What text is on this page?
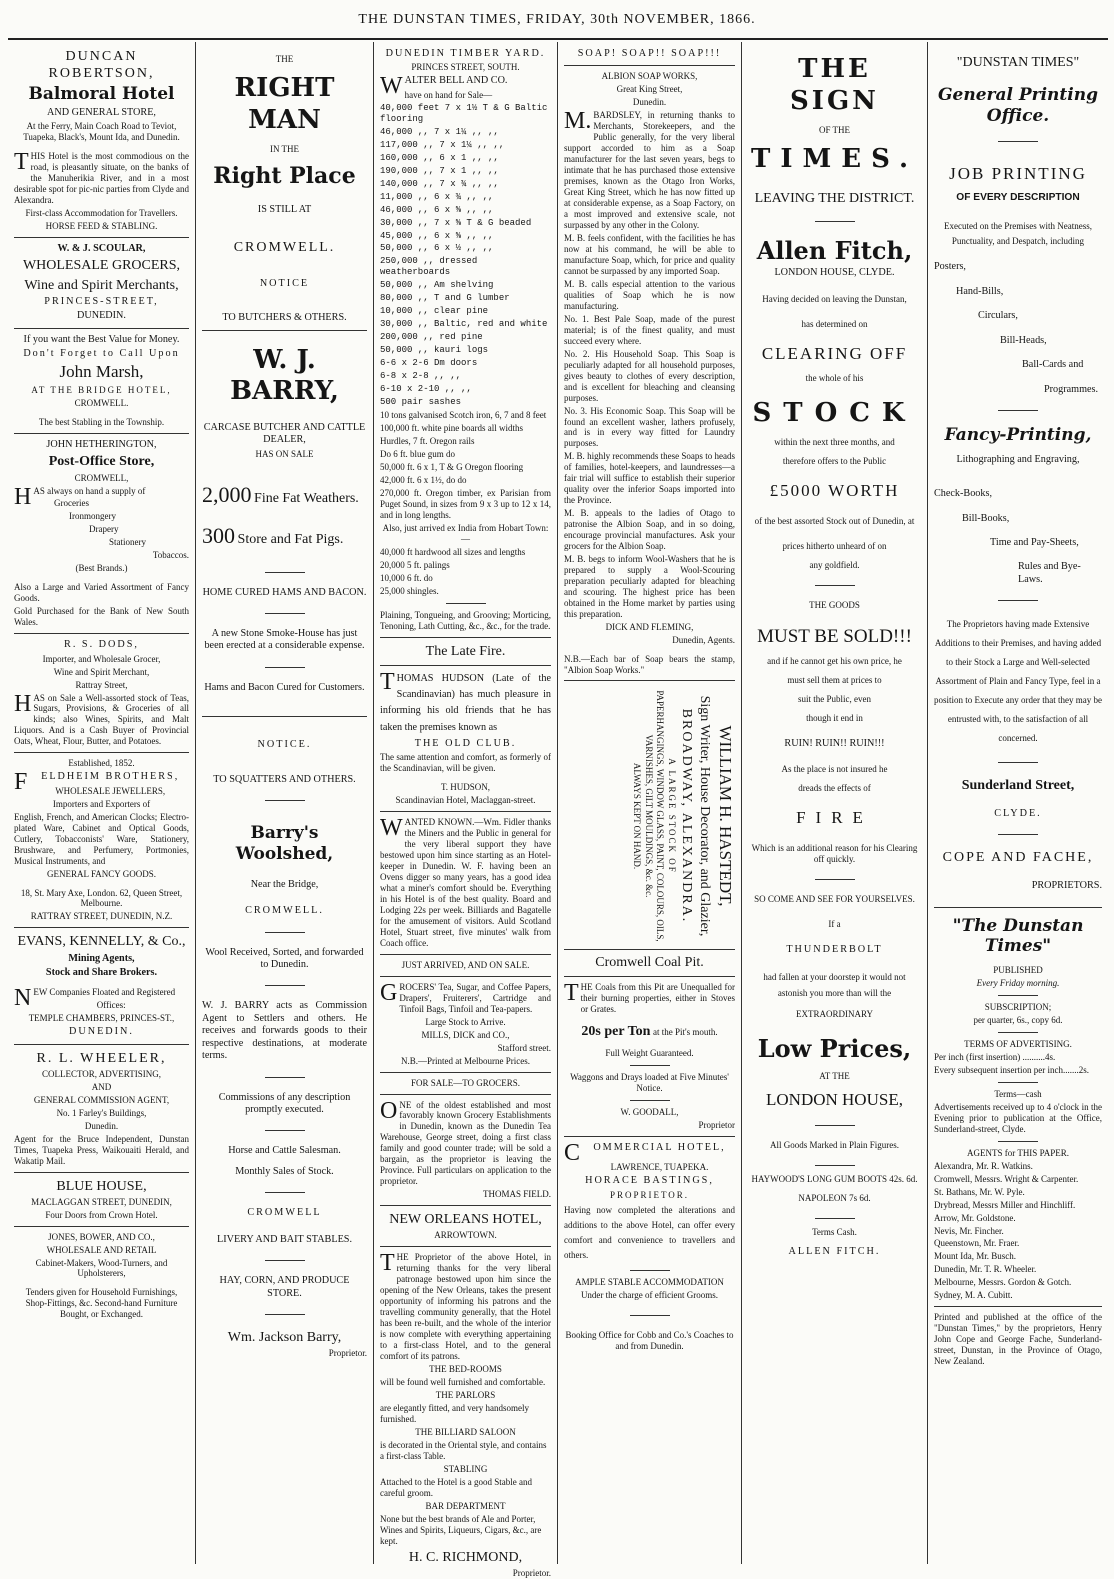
THE DUNSTAN TIMES, FRIDAY, 30th NOVEMBER, 1866.

DUNCAN ROBERTSON,

Balmoral Hotel

AND GENERAL STORE,

At the Ferry, Main Coach Road to Teviot, Tuapeka, Black's, Mount Ida, and Dunedin.

THIS Hotel is the most commodious on the road, is pleasantly situate, on the banks of the Manuherikia River, and in a most desirable spot for pic-nic parties from Clyde and Alexandra.

First-class Accommodation for Travellers.

HORSE FEED & STABLING.

W. & J. SCOULAR,

WHOLESALE GROCERS,

Wine and Spirit Merchants,

PRINCES-STREET,

DUNEDIN.

If you want the Best Value for Money.

Don't Forget to Call Upon

John Marsh,

AT THE BRIDGE HOTEL,

CROMWELL.

The best Stabling in the Township.

JOHN HETHERINGTON,

Post-Office Store,

CROMWELL,

HAS always on hand a supply of

Groceries

Ironmongery

Drapery

Stationery

Tobaccos.

(Best Brands.)

Also a Large and Varied Assortment of Fancy Goods.

Gold Purchased for the Bank of New South Wales.

R. S. DODS,

Importer, and Wholesale Grocer,

Wine and Spirit Merchant,

Rattray Street,

HAS on Sale a Well-assorted stock of Teas, Sugars, Provisions, & Groceries of all kinds; also Wines, Spirits, and Malt Liquors. And is a Cash Buyer of Provincial Oats, Wheat, Flour, Butter, and Potatoes.

Established, 1852.

FELDHEIM BROTHERS,

WHOLESALE JEWELLERS,

Importers and Exporters of

English, French, and American Clocks; Electro-plated Ware, Cabinet and Optical Goods, Cutlery, Tobacconists' Ware, Stationery, Brushware, and Perfumery, Portmonies, Musical Instruments, and

GENERAL FANCY GOODS.

18, St. Mary Axe, London. 62, Queen Street, Melbourne.

RATTRAY STREET, DUNEDIN, N.Z.

EVANS, KENNELLY, & Co.,

Mining Agents,

Stock and Share Brokers.

NEW Companies Floated and Registered

Offices:

TEMPLE CHAMBERS, PRINCES-ST.,

DUNEDIN.

R. L. WHEELER,

COLLECTOR, ADVERTISING,

AND

GENERAL COMMISSION AGENT,

No. 1 Farley's Buildings,

Dunedin.

Agent for the Bruce Independent, Dunstan Times, Tuapeka Press, Waikouaiti Herald, and Wakatip Mail.

BLUE HOUSE,

MACLAGGAN STREET, DUNEDIN,

Four Doors from Crown Hotel.

JONES, BOWER, AND CO.,

WHOLESALE AND RETAIL

Cabinet-Makers, Wood-Turners, and Upholsterers,

Tenders given for Household Furnishings, Shop-Fittings, &c. Second-hand Furniture Bought, or Exchanged.

THE

RIGHT MAN

IN THE

Right Place

IS STILL AT

CROMWELL.

NOTICE

TO BUTCHERS & OTHERS.

W. J. BARRY,

CARCASE BUTCHER AND CATTLE DEALER,

HAS ON SALE

2,000 Fine Fat Weathers.

300 Store and Fat Pigs.

HOME CURED HAMS AND BACON.

A new Stone Smoke-House has just been erected at a considerable expense.

Hams and Bacon Cured for Customers.

NOTICE.

TO SQUATTERS AND OTHERS.

Barry's Woolshed,

Near the Bridge,

CROMWELL.

Wool Received, Sorted, and forwarded to Dunedin.

W. J. BARRY acts as Commission Agent to Settlers and others. He receives and forwards goods to their respective destinations, at moderate terms.

Commissions of any description promptly executed.

Horse and Cattle Salesman.

Monthly Sales of Stock.

CROMWELL

LIVERY AND BAIT STABLES.

HAY, CORN, AND PRODUCE STORE.

Wm. Jackson Barry,

Proprietor.

DUNEDIN TIMBER YARD.

PRINCES STREET, SOUTH.

WALTER BELL AND CO.

have on hand for Sale—

40,000 feet 7 x 1½ T & G Baltic flooring

46,000 ,, 7 x 1¼ ,, ,,

117,000 ,, 7 x 1¼ ,, ,,

160,000 ,, 6 x 1 ,, ,,

190,000 ,, 7 x 1 ,, ,,

140,000 ,, 7 x ¾ ,, ,,

11,000 ,, 6 x ¾ ,, ,,

46,000 ,, 6 x ⅝ ,, ,,

30,000 ,, 7 x ⅝ T & G beaded

45,000 ,, 6 x ⅝ ,, ,,

50,000 ,, 6 x ½ ,, ,,

250,000 ,, dressed weatherboards

50,000 ,, Am shelving

80,000 ,, T and G lumber

10,000 ,, clear pine

30,000 ,, Baltic, red and white

200,000 ,, red pine

50,000 ,, kauri logs

6-6 x 2-6 Dm doors

6-8 x 2-8 ,, ,,

6-10 x 2-10 ,, ,,

500 pair sashes

10 tons galvanised Scotch iron, 6, 7 and 8 feet

100,000 ft. white pine boards all widths

Hurdles, 7 ft. Oregon rails

Do 6 ft. blue gum do

50,000 ft. 6 x 1, T & G Oregon flooring

42,000 ft. 6 x 1½, do do

270,000 ft. Oregon timber, ex Parisian from Puget Sound, in sizes from 9 x 3 up to 12 x 14, and in long lengths.

Also, just arrived ex India from Hobart Town:—

40,000 ft hardwood all sizes and lengths

20,000 5 ft. palings

10,000 6 ft. do

25,000 shingles.

Plaining, Tongueing, and Grooving; Morticing, Tenoning, Lath Cutting, &c., &c., for the trade.

The Late Fire.

THOMAS HUDSON (Late of the Scandinavian) has much pleasure in informing his old friends that he has taken the premises known as

THE OLD CLUB.

The same attention and comfort, as formerly of the Scandinavian, will be given.

T. HUDSON,

Scandinavian Hotel, Maclaggan-street.

WANTED KNOWN.—Wm. Fidler thanks the Miners and the Public in general for the very liberal support they have bestowed upon him since starting as an Hotel-keeper in Dunedin. W. F. having been an Ovens digger so many years, has a good idea what a miner's comfort should be. Everything in his Hotel is of the best quality. Board and Lodging 22s per week. Billiards and Bagatelle for the amusement of visitors. Auld Scotland Hotel, Stuart street, five minutes' walk from Coach office.

JUST ARRIVED, AND ON SALE.

GROCERS' Tea, Sugar, and Coffee Papers, Drapers', Fruiterers', Cartridge and Tinfoil Bags, Tinfoil and Tea-papers.

Large Stock to Arrive.

MILLS, DICK and CO.,

Stafford street.

N.B.—Printed at Melbourne Prices.

FOR SALE—TO GROCERS.

ONE of the oldest established and most favorably known Grocery Establishments in Dunedin, known as the Dunedin Tea Warehouse, George street, doing a first class family and good counter trade; will be sold a bargain, as the proprietor is leaving the Province. Full particulars on application to the proprietor.

THOMAS FIELD.

NEW ORLEANS HOTEL,

ARROWTOWN.

THE Proprietor of the above Hotel, in returning thanks for the very liberal patronage bestowed upon him since the opening of the New Orleans, takes the present opportunity of informing his patrons and the travelling community generally, that the Hotel has been re-built, and the whole of the interior is now complete with everything appertaining to a first-class Hotel, and to the general comfort of its patrons.

THE BED-ROOMS

will be found well furnished and comfortable.

THE PARLORS

are elegantly fitted, and very handsomely furnished.

THE BILLIARD SALOON

is decorated in the Oriental style, and contains a first-class Table.

STABLING

Attached to the Hotel is a good Stable and careful groom.

BAR DEPARTMENT

None but the best brands of Ale and Porter, Wines and Spirits, Liqueurs, Cigars, &c., are kept.

H. C. RICHMOND,

Proprietor.

SOAP! SOAP!! SOAP!!!

ALBION SOAP WORKS,

Great King Street,

Dunedin.

M.BARDSLEY, in returning thanks to Merchants, Storekeepers, and the Public generally, for the very liberal support accorded to him as a Soap manufacturer for the last seven years, begs to intimate that he has purchased those extensive premises, known as the Otago Iron Works, Great King Street, which he has now fitted up at considerable expense, as a Soap Factory, on a most improved and extensive scale, not surpassed by any other in the Colony.

M. B. feels confident, with the facilities he has now at his command, he will be able to manufacture Soap, which, for price and quality cannot be surpassed by any imported Soap.

M. B. calls especial attention to the various qualities of Soap which he is now manufacturing.

No. 1. Best Pale Soap, made of the purest material; is of the finest quality, and must succeed every where.

No. 2. His Household Soap. This Soap is peculiarly adapted for all household purposes, gives beauty to clothes of every description, and is excellent for bleaching and cleansing purposes.

No. 3. His Economic Soap. This Soap will be found an excellent washer, lathers profusely, and is in every way fitted for Laundry purposes.

M. B. highly recommends these Soaps to heads of families, hotel-keepers, and laundresses—a fair trial will suffice to establish their superior quality over the inferior Soaps imported into the Province.

M. B. appeals to the ladies of Otago to patronise the Albion Soap, and in so doing, encourage provincial manufactures. Ask your grocers for the Albion Soap.

M. B. begs to inform Wool-Washers that he is prepared to supply a Wool-Scouring preparation peculiarly adapted for bleaching and scouring. The highest price has been obtained in the Home market by parties using this preparation.

DICK AND FLEMING,

Dunedin, Agents.

N.B.—Each bar of Soap bears the stamp, "Albion Soap Works."

WILLIAM H. HASTEDT,

Sign Writer, House Decorator, and Glazier,

BROADWAY, ALEXANDRA.

A LARGE STOCK OF

PAPERHANGINGS, WINDOW GLASS, PAINT, COLOURS, OILS, VARNISHES, GILT MOULDINGS, &c. &c.

ALWAYS KEPT ON HAND.

Cromwell Coal Pit.

THE Coals from this Pit are Unequalled for their burning properties, either in Stoves or Grates.

20s per Ton at the Pit's mouth.

Full Weight Guaranteed.

Waggons and Drays loaded at Five Minutes' Notice.

W. GOODALL,

Proprietor

COMMERCIAL HOTEL,

LAWRENCE, TUAPEKA.

HORACE BASTINGS,

PROPRIETOR.

Having now completed the alterations and additions to the above Hotel, can offer every comfort and convenience to travellers and others.

AMPLE STABLE ACCOMMODATION

Under the charge of efficient Grooms.

Booking Office for Cobb and Co.'s Coaches to and from Dunedin.

THE SIGN

OF THE

TIMES.

LEAVING THE DISTRICT.

Allen Fitch,

LONDON HOUSE, CLYDE.

Having decided on leaving the Dunstan,

has determined on

CLEARING OFF

the whole of his

STOCK

within the next three months, and

therefore offers to the Public

£5000 WORTH

of the best assorted Stock out of Dunedin, at

prices hitherto unheard of on

any goldfield.

THE GOODS

MUST BE SOLD!!!

and if he cannot get his own price, he

must sell them at prices to

suit the Public, even

though it end in

RUIN! RUIN!! RUIN!!!

As the place is not insured he

dreads the effects of

FIRE

Which is an additional reason for his Clearing off quickly.

SO COME AND SEE FOR YOURSELVES.

If a

THUNDERBOLT

had fallen at your doorstep it would not astonish you more than will the

EXTRAORDINARY

Low Prices,

AT THE

LONDON HOUSE,

All Goods Marked in Plain Figures.

HAYWOOD'S LONG GUM BOOTS 42s. 6d.

NAPOLEON 7s 6d.

Terms Cash.

ALLEN FITCH.

"DUNSTAN TIMES"

General Printing Office.

JOB PRINTING

OF EVERY DESCRIPTION

Executed on the Premises with Neatness, Punctuality, and Despatch, including

Posters,

Hand-Bills,

Circulars,

Bill-Heads,

Ball-Cards and

Programmes.

Fancy-Printing,

Lithographing and Engraving,

Check-Books,

Bill-Books,

Time and Pay-Sheets,

Rules and Bye-Laws.

The Proprietors having made Extensive Additions to their Premises, and having added to their Stock a Large and Well-selected Assortment of Plain and Fancy Type, feel in a position to Execute any order that they may be entrusted with, to the satisfaction of all concerned.

Sunderland Street,

CLYDE.

COPE AND FACHE,

PROPRIETORS.

"The Dunstan Times"

PUBLISHED

Every Friday morning.

SUBSCRIPTION;

per quarter, 6s., copy 6d.

TERMS OF ADVERTISING.

Per inch (first insertion) ..........4s.

Every subsequent insertion per inch.......2s.

Terms—cash

Advertisements received up to 4 o'clock in the Evening prior to publication at the Office, Sunderland-street, Clyde.

AGENTS for THIS PAPER.

Alexandra, Mr. R. Watkins.

Cromwell, Messrs. Wright & Carpenter.

St. Bathans, Mr. W. Pyle.

Drybread, Messrs Miller and Hinchliff.

Arrow, Mr. Goldstone.

Nevis, Mr. Fincher.

Queenstown, Mr. Fraer.

Mount Ida, Mr. Busch.

Dunedin, Mr. T. R. Wheeler.

Melbourne, Messrs. Gordon & Gotch.

Sydney, M. A. Cubitt.

Printed and published at the office of the "Dunstan Times," by the proprietors, Henry John Cope and George Fache, Sunderland-street, Dunstan, in the Province of Otago, New Zealand.
